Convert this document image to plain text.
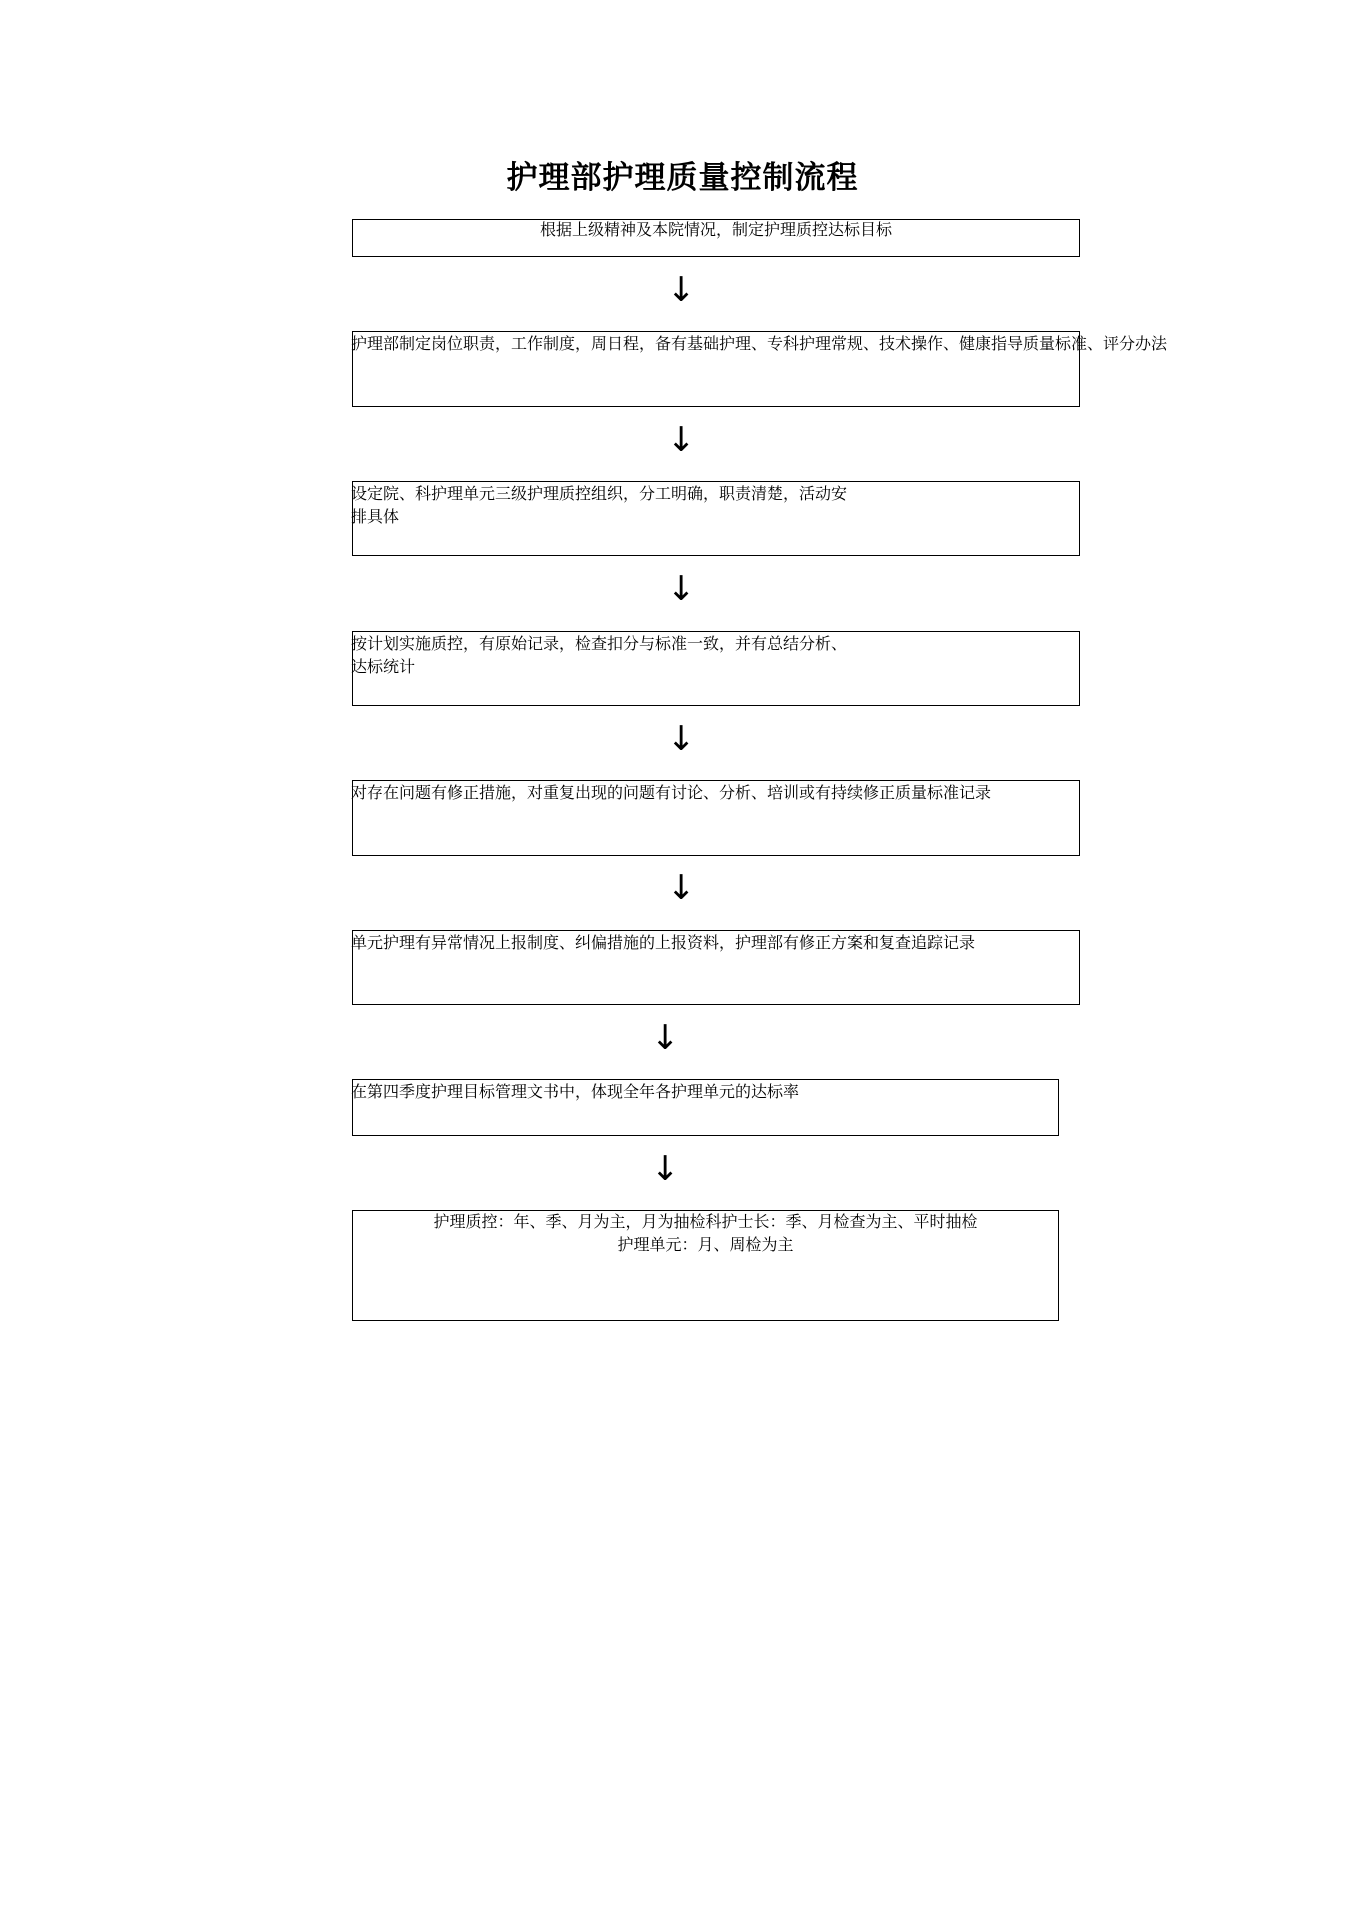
护理部护理质量控制流程
根据上级精神及本院情况，制定护理质控达标目标
↓
护理部制定岗位职责，工作制度，周日程，备有基础护理、专科护理常规、技术操作、健康指导质量标准、评分办法
↓
设定院、科护理单元三级护理质控组织，分工明确，职责清楚，活动安排具体
↓
按计划实施质控，有原始记录，检查扣分与标准一致，并有总结分析、达标统计
↓
对存在问题有修正措施，对重复出现的问题有讨论、分析、培训或有持续修正质量标准记录
↓
单元护理有异常情况上报制度、纠偏措施的上报资料，护理部有修正方案和复查追踪记录
↓
在第四季度护理目标管理文书中，体现全年各护理单元的达标率
↓
护理质控：年、季、月为主，月为抽检科护士长：季、月检查为主、平时抽检
护理单元：月、周检为主
